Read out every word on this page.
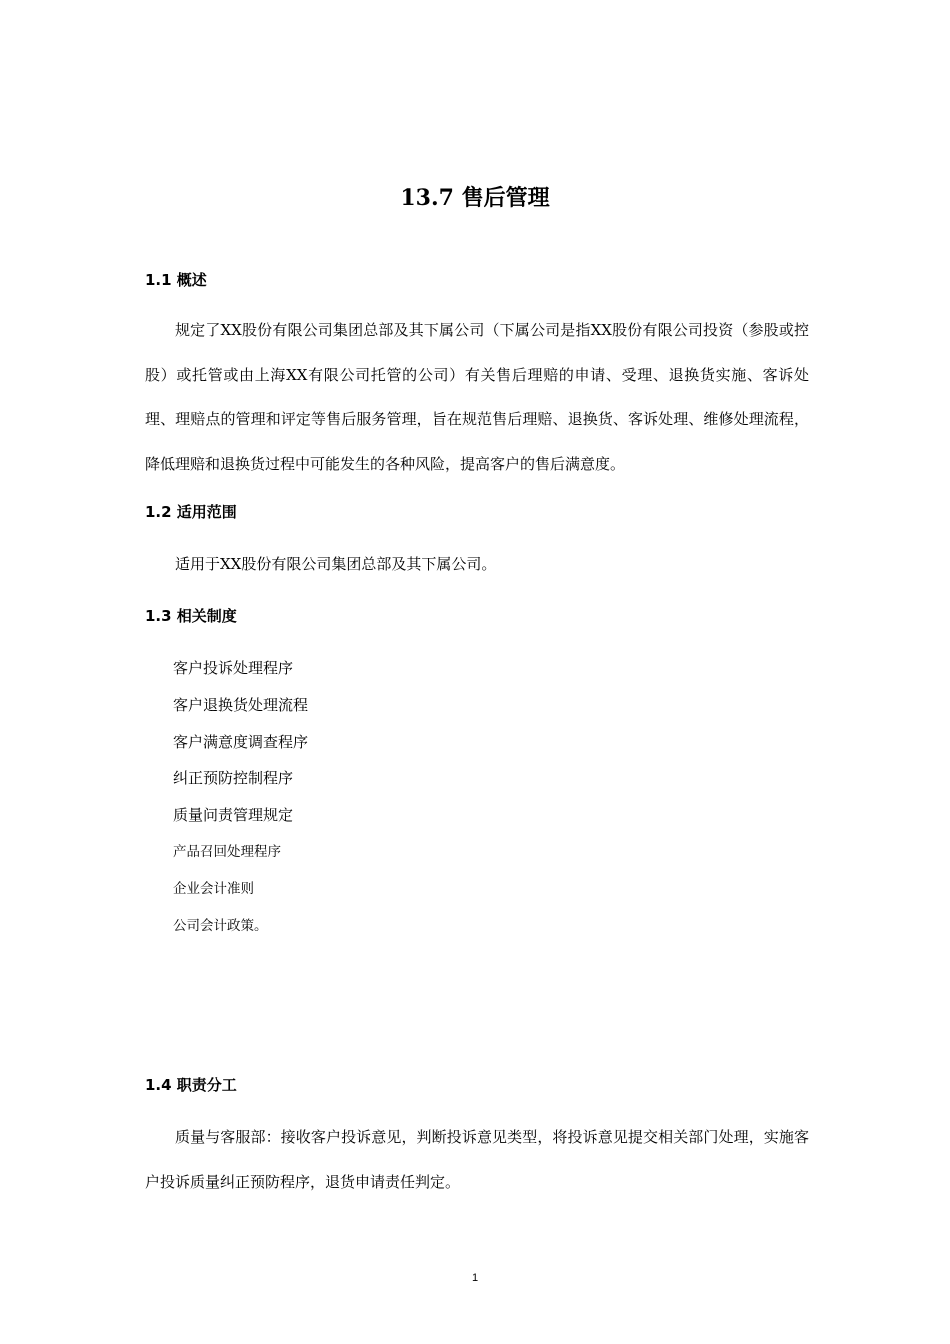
13.7 售后管理
1.1 概述

规定了XX股份有限公司集团总部及其下属公司（下属公司是指XX股份有限公司投资（参股或控股）或托管或由上海XX有限公司托管的公司）有关售后理赔的申请、受理、退换货实施、客诉处理、理赔点的管理和评定等售后服务管理，旨在规范售后理赔、退换货、客诉处理、维修处理流程，降低理赔和退换货过程中可能发生的各种风险，提高客户的售后满意度。

1.2 适用范围

适用于XX股份有限公司集团总部及其下属公司。

1.3 相关制度
客户投诉处理程序
客户退换货处理流程
客户满意度调查程序
纠正预防控制程序
质量问责管理规定
产品召回处理程序
企业会计准则
公司会计政策。
1.4 职责分工

质量与客服部：接收客户投诉意见，判断投诉意见类型，将投诉意见提交相关部门处理，实施客户投诉质量纠正预防程序，退货申请责任判定。

1
